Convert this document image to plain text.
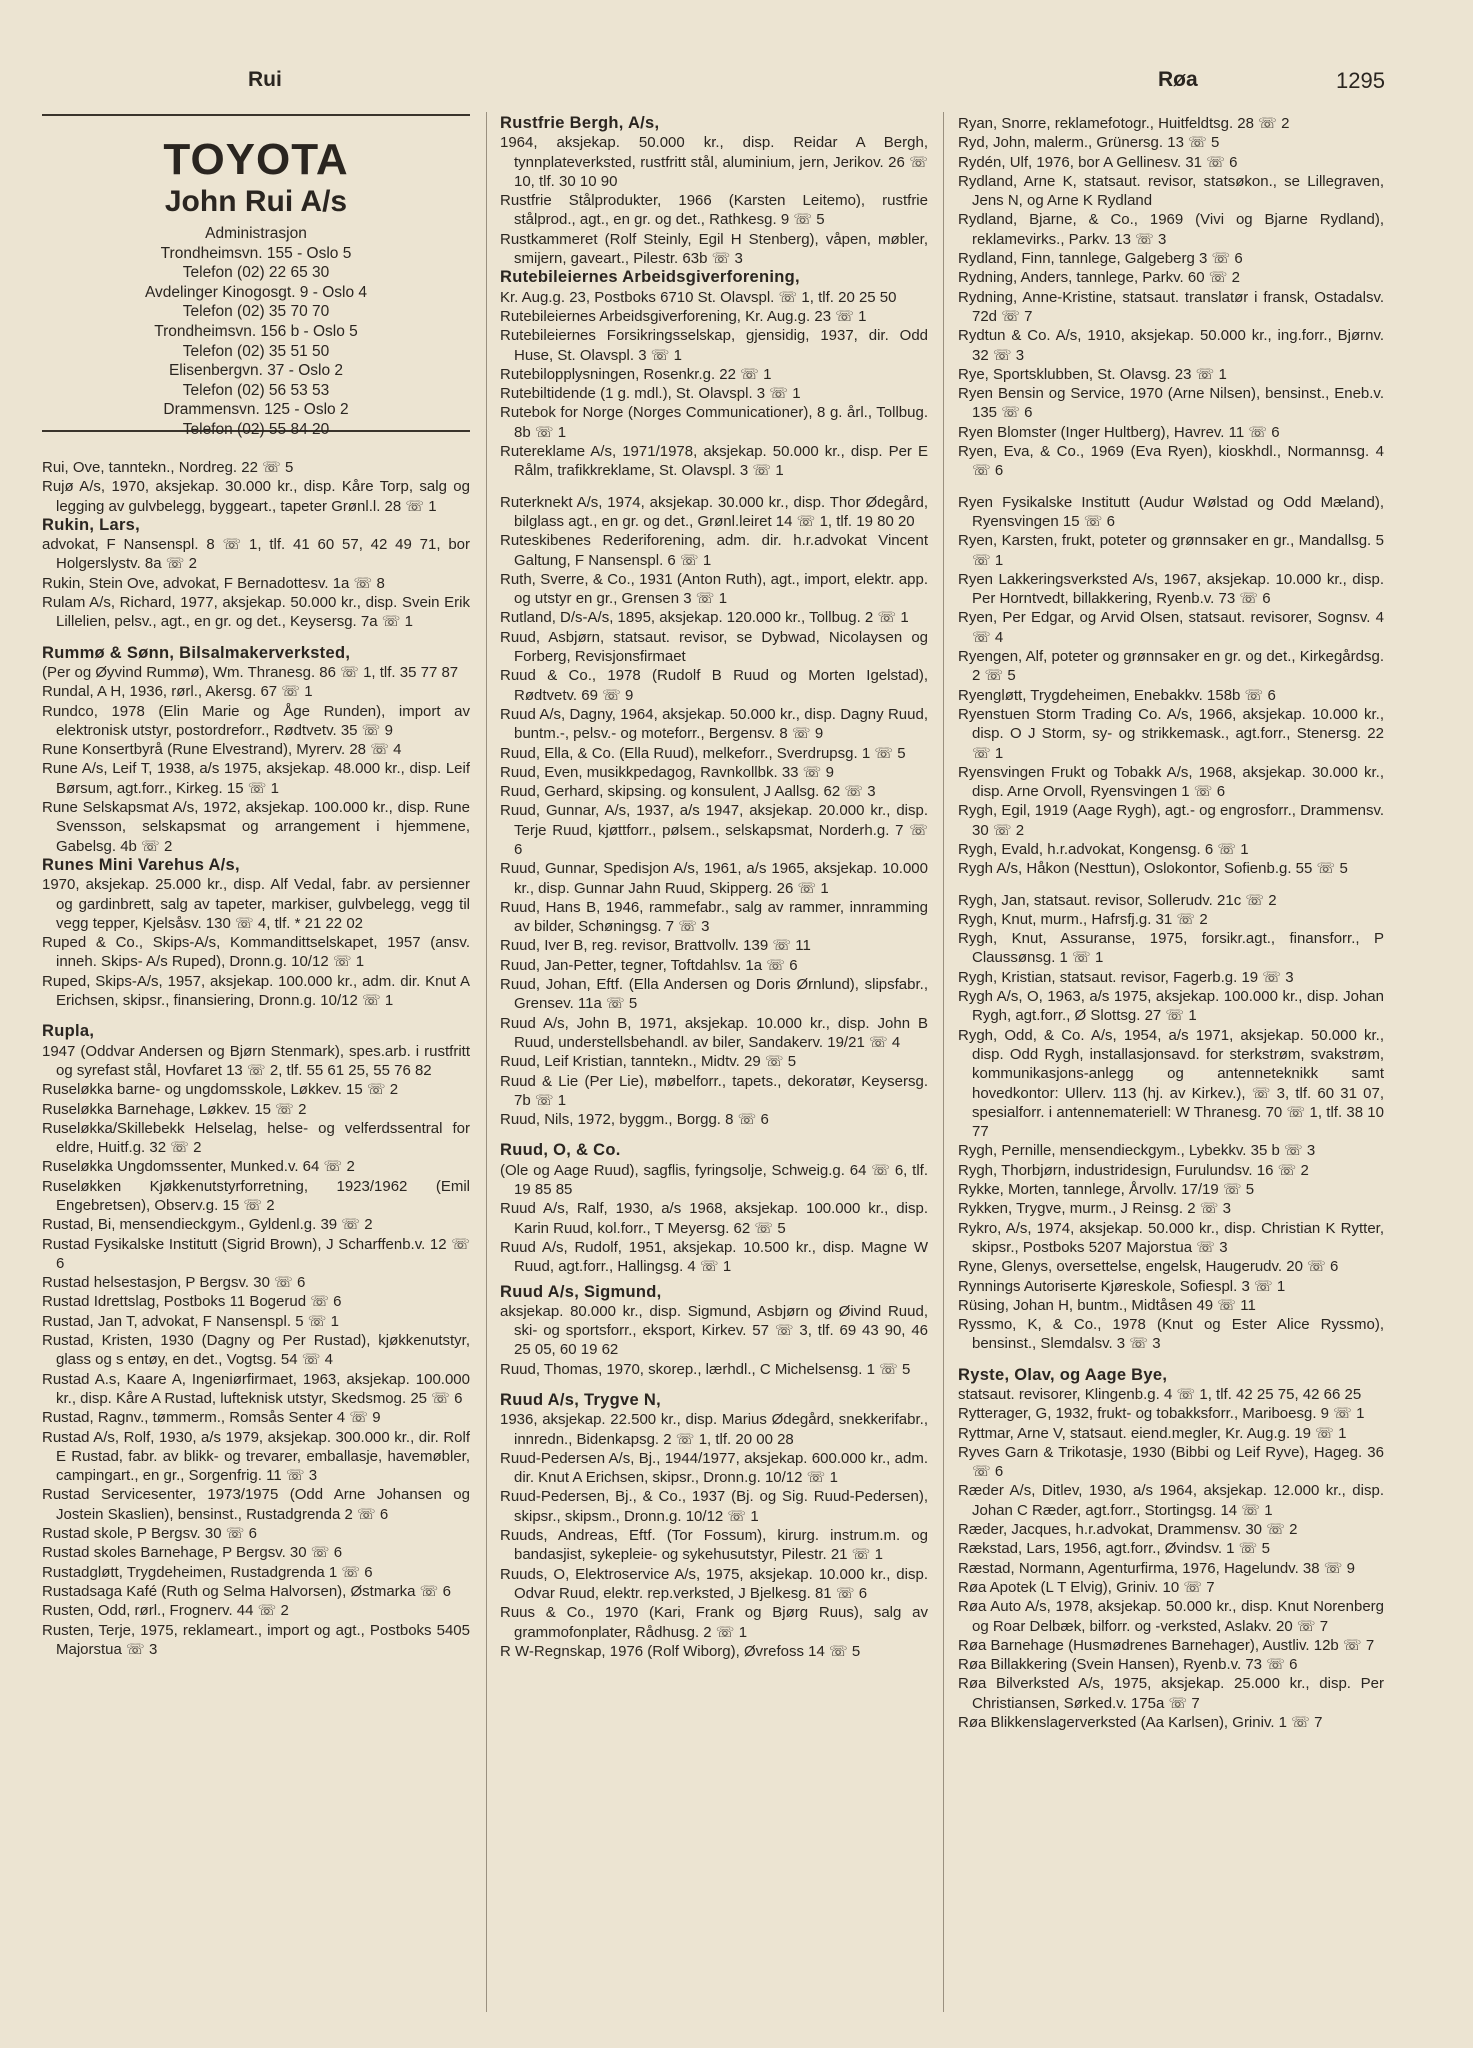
Rui	Røa	1295
TOYOTA
John Rui A/s
Administrasjon
Trondheimsvn. 155 - Oslo 5
Telefon (02) 22 65 30
Avdelinger Kinogosgt. 9 - Oslo 4
Telefon (02) 35 70 70
Trondheimsvn. 156 b - Oslo 5
Telefon (02) 35 51 50
Elisenbergvn. 37 - Oslo 2
Telefon (02) 56 53 53
Drammensvn. 125 - Oslo 2
Telefon (02) 55 84 20
Rui, Ove, tanntekn., Nordreg. 22 ☏ 5
Rujø A/s, 1970, aksjekap. 30.000 kr., disp. Kåre Torp, salg og legging av gulvbelegg, byggeart., tapeter Grønl.l. 28 ☏ 1
Rukin, Lars,
advokat, F Nansenspl. 8 ☏ 1, tlf. 41 60 57, 42 49 71, bor Holgerslystv. 8a ☏ 2
Rukin, Stein Ove, advokat, F Bernadottesv. 1a ☏ 8
Rulam A/s, Richard, 1977, aksjekap. 50.000 kr., disp. Svein Erik Lillelien, pelsv., agt., en gr. og det., Keysersg. 7a ☏ 1
Rummø & Sønn, Bilsalmakerverksted,
(Per og Øyvind Rummø), Wm. Thranesg. 86 ☏ 1, tlf. 35 77 87
Rundal, A H, 1936, rørl., Akersg. 67 ☏ 1
Rundco, 1978 (Elin Marie og Åge Runden), import av elektronisk utstyr, postordreforr., Rødtvetv. 35 ☏ 9
Rune Konsertbyrå (Rune Elvestrand), Myrerv. 28 ☏ 4
Rune A/s, Leif T, 1938, a/s 1975, aksjekap. 48.000 kr., disp. Leif Børsum, agt.forr., Kirkeg. 15 ☏ 1
Rune Selskapsmat A/s, 1972, aksjekap. 100.000 kr., disp. Rune Svensson, selskapsmat og arrangement i hjemmene, Gabelsg. 4b ☏ 2
Runes Mini Varehus A/s,
1970, aksjekap. 25.000 kr., disp. Alf Vedal, fabr. av persienner og gardinbrett, salg av tapeter, markiser, gulvbelegg, vegg til vegg tepper, Kjelsåsv. 130 ☏ 4, tlf. * 21 22 02
Ruped & Co., Skips-A/s, Kommandittselskapet, 1957 (ansv. inneh. Skips- A/s Ruped), Dronn.g. 10/12 ☏ 1
Ruped, Skips-A/s, 1957, aksjekap. 100.000 kr., adm. dir. Knut A Erichsen, skipsr., finansiering, Dronn.g. 10/12 ☏ 1
Rupla,
1947 (Oddvar Andersen og Bjørn Stenmark), spes.arb. i rustfritt og syrefast stål, Hovfaret 13 ☏ 2, tlf. 55 61 25, 55 76 82
Ruseløkka barne- og ungdomsskole, Løkkev. 15 ☏ 2
Ruseløkka Barnehage, Løkkev. 15 ☏ 2
Ruseløkka/Skillebekk Helselag, helse- og velferdssentral for eldre, Huitf.g. 32 ☏ 2
Ruseløkka Ungdomssenter, Munked.v. 64 ☏ 2
Ruseløkken Kjøkkenutstyrforretning, 1923/1962 (Emil Engebretsen), Observ.g. 15 ☏ 2
Rustad, Bi, mensendieckgym., Gyldenl.g. 39 ☏ 2
Rustad Fysikalske Institutt (Sigrid Brown), J Scharffenb.v. 12 ☏ 6
Rustad helsestasjon, P Bergsv. 30 ☏ 6
Rustad Idrettslag, Postboks 11 Bogerud ☏ 6
Rustad, Jan T, advokat, F Nansenspl. 5 ☏ 1
Rustad, Kristen, 1930 (Dagny og Per Rustad), kjøkkenutstyr, glass og s entøy, en det., Vogtsg. 54 ☏ 4
Rustad A.s, Kaare A, Ingeniørfirmaet, 1963, aksjekap. 100.000 kr., disp. Kåre A Rustad, lufteknisk utstyr, Skedsmog. 25 ☏ 6
Rustad, Ragnv., tømmerm., Romsås Senter 4 ☏ 9
Rustad A/s, Rolf, 1930, a/s 1979, aksjekap. 300.000 kr., dir. Rolf E Rustad, fabr. av blikk- og trevarer, emballasje, havemøbler, campingart., en gr., Sorgenfrig. 11 ☏ 3
Rustad Servicesenter, 1973/1975 (Odd Arne Johansen og Jostein Skaslien), bensinst., Rustadgrenda 2 ☏ 6
Rustad skole, P Bergsv. 30 ☏ 6
Rustad skoles Barnehage, P Bergsv. 30 ☏ 6
Rustadgløtt, Trygdeheimen, Rustadgrenda 1 ☏ 6
Rustadsaga Kafé (Ruth og Selma Halvorsen), Østmarka ☏ 6
Rusten, Odd, rørl., Frognerv. 44 ☏ 2
Rusten, Terje, 1975, reklameart., import og agt., Postboks 5405 Majorstua ☏ 3
Rustfrie Bergh, A/s,
1964, aksjekap. 50.000 kr., disp. Reidar A Bergh, tynnplateverksted, rustfritt stål, aluminium, jern, Jerikov. 26 ☏ 10, tlf. 30 10 90
Rustfrie Stålprodukter, 1966 (Karsten Leitemo), rustfrie stålprod., agt., en gr. og det., Rathkesg. 9 ☏ 5
Rustkammeret (Rolf Steinly, Egil H Stenberg), våpen, møbler, smijern, gaveart., Pilestr. 63b ☏ 3
Rutebileiernes Arbeidsgiverforening,
Kr. Aug.g. 23, Postboks 6710 St. Olavspl. ☏ 1, tlf. 20 25 50
Rutebileiernes Arbeidsgiverforening, Kr. Aug.g. 23 ☏ 1
Rutebileiernes Forsikringsselskap, gjensidig, 1937, dir. Odd Huse, St. Olavspl. 3 ☏ 1
Rutebilopplysningen, Rosenkr.g. 22 ☏ 1
Rutebiltidende (1 g. mdl.), St. Olavspl. 3 ☏ 1
Rutebok for Norge (Norges Communicationer), 8 g. årl., Tollbug. 8b ☏ 1
Rutereklame A/s, 1971/1978, aksjekap. 50.000 kr., disp. Per E Rålm, trafikkreklame, St. Olavspl. 3 ☏ 1
Ruterknekt A/s, 1974, aksjekap. 30.000 kr., disp. Thor Ødegård, bilglass agt., en gr. og det., Grønl.leiret 14 ☏ 1, tlf. 19 80 20
Ruteskibenes Rederiforening, adm. dir. h.r.advokat Vincent Galtung, F Nansenspl. 6 ☏ 1
Ruth, Sverre, & Co., 1931 (Anton Ruth), agt., import, elektr. app. og utstyr en gr., Grensen 3 ☏ 1
Rutland, D/s-A/s, 1895, aksjekap. 120.000 kr., Tollbug. 2 ☏ 1
Ruud, Asbjørn, statsaut. revisor, se Dybwad, Nicolaysen og Forberg, Revisjonsfirmaet
Ruud & Co., 1978 (Rudolf B Ruud og Morten Igelstad), Rødtvetv. 69 ☏ 9
Ruud A/s, Dagny, 1964, aksjekap. 50.000 kr., disp. Dagny Ruud, buntm.-, pelsv.- og moteforr., Bergensv. 8 ☏ 9
Ruud, Ella, & Co. (Ella Ruud), melkeforr., Sverdrupsg. 1 ☏ 5
Ruud, Even, musikkpedagog, Ravnkollbk. 33 ☏ 9
Ruud, Gerhard, skipsing. og konsulent, J Aallsg. 62 ☏ 3
Ruud, Gunnar, A/s, 1937, a/s 1947, aksjekap. 20.000 kr., disp. Terje Ruud, kjøttforr., pølsem., selskapsmat, Norderh.g. 7 ☏ 6
Ruud, Gunnar, Spedisjon A/s, 1961, a/s 1965, aksjekap. 10.000 kr., disp. Gunnar Jahn Ruud, Skipperg. 26 ☏ 1
Ruud, Hans B, 1946, rammefabr., salg av rammer, innramming av bilder, Schøningsg. 7 ☏ 3
Ruud, Iver B, reg. revisor, Brattvollv. 139 ☏ 11
Ruud, Jan-Petter, tegner, Toftdahlsv. 1a ☏ 6
Ruud, Johan, Eftf. (Ella Andersen og Doris Ørnlund), slipsfabr., Grensev. 11a ☏ 5
Ruud A/s, John B, 1971, aksjekap. 10.000 kr., disp. John B Ruud, understellsbehandl. av biler, Sandakerv. 19/21 ☏ 4
Ruud, Leif Kristian, tanntekn., Midtv. 29 ☏ 5
Ruud & Lie (Per Lie), møbelforr., tapets., dekoratør, Keysersg. 7b ☏ 1
Ruud, Nils, 1972, byggm., Borgg. 8 ☏ 6
Ruud, O, & Co.
(Ole og Aage Ruud), sagflis, fyringsolje, Schweig.g. 64 ☏ 6, tlf. 19 85 85
Ruud A/s, Ralf, 1930, a/s 1968, aksjekap. 100.000 kr., disp. Karin Ruud, kol.forr., T Meyersg. 62 ☏ 5
Ruud A/s, Rudolf, 1951, aksjekap. 10.500 kr., disp. Magne W Ruud, agt.forr., Hallingsg. 4 ☏ 1
Ruud A/s, Sigmund,
aksjekap. 80.000 kr., disp. Sigmund, Asbjørn og Øivind Ruud, ski- og sportsforr., eksport, Kirkev. 57 ☏ 3, tlf. 69 43 90, 46 25 05, 60 19 62
Ruud, Thomas, 1970, skorep., lærhdl., C Michelsensg. 1 ☏ 5
Ruud A/s, Trygve N,
1936, aksjekap. 22.500 kr., disp. Marius Ødegård, snekkerifabr., innredn., Bidenkapsg. 2 ☏ 1, tlf. 20 00 28
Ruud-Pedersen A/s, Bj., 1944/1977, aksjekap. 600.000 kr., adm. dir. Knut A Erichsen, skipsr., Dronn.g. 10/12 ☏ 1
Ruud-Pedersen, Bj., & Co., 1937 (Bj. og Sig. Ruud-Pedersen), skipsr., skipsm., Dronn.g. 10/12 ☏ 1
Ruuds, Andreas, Eftf. (Tor Fossum), kirurg. instrum.m. og bandasjist, sykepleie- og sykehusutstyr, Pilestr. 21 ☏ 1
Ruuds, O, Elektroservice A/s, 1975, aksjekap. 10.000 kr., disp. Odvar Ruud, elektr. rep.verksted, J Bjelkesg. 81 ☏ 6
Ruus & Co., 1970 (Kari, Frank og Bjørg Ruus), salg av grammofonplater, Rådhusg. 2 ☏ 1
R W-Regnskap, 1976 (Rolf Wiborg), Øvrefoss 14 ☏ 5
Ryan, Snorre, reklamefotogr., Huitfeldtsg. 28 ☏ 2
Ryd, John, malerm., Grünersg. 13 ☏ 5
Rydén, Ulf, 1976, bor A Gellinesv. 31 ☏ 6
Rydland, Arne K, statsaut. revisor, statsøkon., se Lillegraven, Jens N, og Arne K Rydland
Rydland, Bjarne, & Co., 1969 (Vivi og Bjarne Rydland), reklamevirks., Parkv. 13 ☏ 3
Rydland, Finn, tannlege, Galgeberg 3 ☏ 6
Rydning, Anders, tannlege, Parkv. 60 ☏ 2
Rydning, Anne-Kristine, statsaut. translatør i fransk, Ostadalsv. 72d ☏ 7
Rydtun & Co. A/s, 1910, aksjekap. 50.000 kr., ing.forr., Bjørnv. 32 ☏ 3
Rye, Sportsklubben, St. Olavsg. 23 ☏ 1
Ryen Bensin og Service, 1970 (Arne Nilsen), bensinst., Eneb.v. 135 ☏ 6
Ryen Blomster (Inger Hultberg), Havrev. 11 ☏ 6
Ryen, Eva, & Co., 1969 (Eva Ryen), kioskhdl., Normannsg. 4 ☏ 6
Ryen Fysikalske Institutt (Audur Wølstad og Odd Mæland), Ryensvingen 15 ☏ 6
Ryen, Karsten, frukt, poteter og grønnsaker en gr., Mandallsg. 5 ☏ 1
Ryen Lakkeringsverksted A/s, 1967, aksjekap. 10.000 kr., disp. Per Horntvedt, billakkering, Ryenb.v. 73 ☏ 6
Ryen, Per Edgar, og Arvid Olsen, statsaut. revisorer, Sognsv. 4 ☏ 4
Ryengen, Alf, poteter og grønnsaker en gr. og det., Kirkegårdsg. 2 ☏ 5
Ryengløtt, Trygdeheimen, Enebakkv. 158b ☏ 6
Ryenstuen Storm Trading Co. A/s, 1966, aksjekap. 10.000 kr., disp. O J Storm, sy- og strikkemask., agt.forr., Stenersg. 22 ☏ 1
Ryensvingen Frukt og Tobakk A/s, 1968, aksjekap. 30.000 kr., disp. Arne Orvoll, Ryensvingen 1 ☏ 6
Rygh, Egil, 1919 (Aage Rygh), agt.- og engrosforr., Drammensv. 30 ☏ 2
Rygh, Evald, h.r.advokat, Kongensg. 6 ☏ 1
Rygh A/s, Håkon (Nesttun), Oslokontor, Sofienb.g. 55 ☏ 5
Rygh, Jan, statsaut. revisor, Sollerudv. 21c ☏ 2
Rygh, Knut, murm., Hafrsfj.g. 31 ☏ 2
Rygh, Knut, Assuranse, 1975, forsikr.agt., finansforr., P Claussønsg. 1 ☏ 1
Rygh, Kristian, statsaut. revisor, Fagerb.g. 19 ☏ 3
Rygh A/s, O, 1963, a/s 1975, aksjekap. 100.000 kr., disp. Johan Rygh, agt.forr., Ø Slottsg. 27 ☏ 1
Rygh, Odd, & Co. A/s, 1954, a/s 1971, aksjekap. 50.000 kr., disp. Odd Rygh, installasjonsavd. for sterkstrøm, svakstrøm, kommunikasjons-anlegg og antenneteknikk samt hovedkontor: Ullerv. 113 (hj. av Kirkev.), ☏ 3, tlf. 60 31 07, spesialforr. i antennemateriell: W Thranesg. 70 ☏ 1, tlf. 38 10 77
Rygh, Pernille, mensendieckgym., Lybekkv. 35 b ☏ 3
Rygh, Thorbjørn, industridesign, Furulundsv. 16 ☏ 2
Rykke, Morten, tannlege, Årvollv. 17/19 ☏ 5
Rykken, Trygve, murm., J Reinsg. 2 ☏ 3
Rykro, A/s, 1974, aksjekap. 50.000 kr., disp. Christian K Rytter, skipsr., Postboks 5207 Majorstua ☏ 3
Ryne, Glenys, oversettelse, engelsk, Haugerudv. 20 ☏ 6
Rynnings Autoriserte Kjøreskole, Sofiespl. 3 ☏ 1
Rüsing, Johan H, buntm., Midtåsen 49 ☏ 11
Ryssmo, K, & Co., 1978 (Knut og Ester Alice Ryssmo), bensinst., Slemdalsv. 3 ☏ 3
Ryste, Olav, og Aage Bye,
statsaut. revisorer, Klingenb.g. 4 ☏ 1, tlf. 42 25 75, 42 66 25
Rytterager, G, 1932, frukt- og tobakksforr., Mariboesg. 9 ☏ 1
Ryttmar, Arne V, statsaut. eiend.megler, Kr. Aug.g. 19 ☏ 1
Ryves Garn & Trikotasje, 1930 (Bibbi og Leif Ryve), Hageg. 36 ☏ 6
Ræder A/s, Ditlev, 1930, a/s 1964, aksjekap. 12.000 kr., disp. Johan C Ræder, agt.forr., Stortingsg. 14 ☏ 1
Ræder, Jacques, h.r.advokat, Drammensv. 30 ☏ 2
Rækstad, Lars, 1956, agt.forr., Øvindsv. 1 ☏ 5
Ræstad, Normann, Agenturfirma, 1976, Hagelundv. 38 ☏ 9
Røa Apotek (L T Elvig), Griniv. 10 ☏ 7
Røa Auto A/s, 1978, aksjekap. 50.000 kr., disp. Knut Norenberg og Roar Delbæk, bilforr. og -verksted, Aslakv. 20 ☏ 7
Røa Barnehage (Husmødrenes Barnehager), Austliv. 12b ☏ 7
Røa Billakkering (Svein Hansen), Ryenb.v. 73 ☏ 6
Røa Bilverksted A/s, 1975, aksjekap. 25.000 kr., disp. Per Christiansen, Sørked.v. 175a ☏ 7
Røa Blikkenslagerverksted (Aa Karlsen), Griniv. 1 ☏ 7
